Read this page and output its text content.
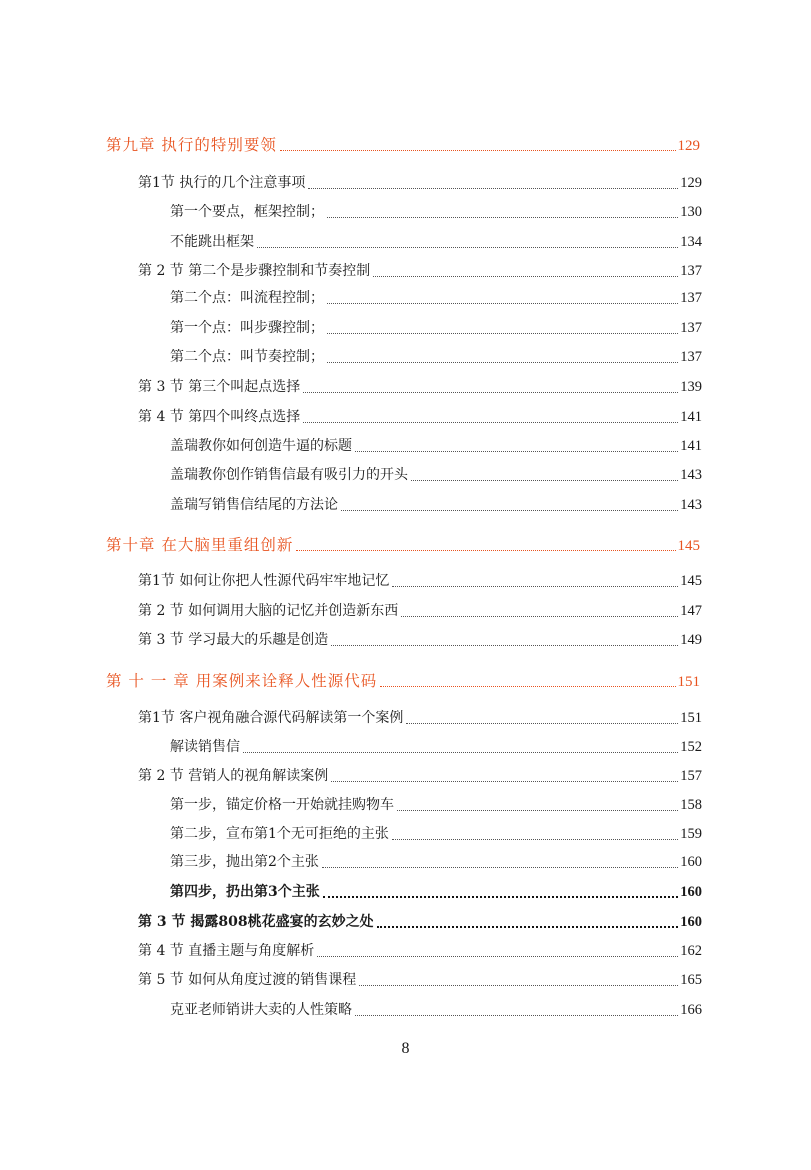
第九章 执行的特别要领	129
第1节 执行的几个注意事项	129
第一个要点，框架控制；	130
不能跳出框架	134
第 2 节 第二个是步骤控制和节奏控制	137
第二个点：叫流程控制；	137
第一个点：叫步骤控制；	137
第二个点：叫节奏控制；	137
第 3 节 第三个叫起点选择	139
第 4 节 第四个叫终点选择	141
盖瑞教你如何创造牛逼的标题	141
盖瑞教你创作销售信最有吸引力的开头	143
盖瑞写销售信结尾的方法论	143
第十章 在大脑里重组创新	145
第1节 如何让你把人性源代码牢牢地记忆	145
第 2 节 如何调用大脑的记忆并创造新东西	147
第 3 节 学习最大的乐趣是创造	149
第 十 一 章 用案例来诠释人性源代码	151
第1节 客户视角融合源代码解读第一个案例	151
解读销售信	152
第 2 节 营销人的视角解读案例	157
第一步，锚定价格一开始就挂购物车	158
第二步，宣布第1个无可拒绝的主张	159
第三步，抛出第2个主张	160
第四步，扔出第3个主张	160
第 3 节 揭露808桃花盛宴的玄妙之处	160
第 4 节 直播主题与角度解析	162
第 5 节 如何从角度过渡的销售课程	165
克亚老师销讲大卖的人性策略	166
8
